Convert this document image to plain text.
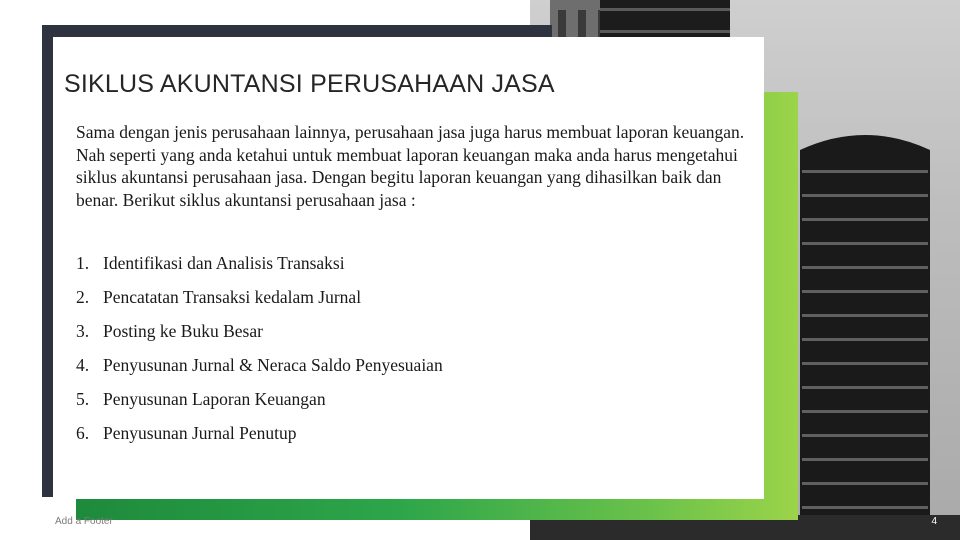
SIKLUS AKUNTANSI PERUSAHAAN JASA

Sama dengan jenis perusahaan lainnya, perusahaan jasa juga harus membuat laporan keuangan. Nah seperti yang anda ketahui untuk membuat laporan keuangan maka anda harus mengetahui siklus akuntansi perusahaan jasa. Dengan begitu laporan keuangan yang dihasilkan baik dan benar. Berikut siklus akuntansi perusahaan jasa :

1. Identifikasi dan Analisis Transaksi
2. Pencatatan Transaksi kedalam Jurnal
3. Posting ke Buku Besar
4. Penyusunan Jurnal & Neraca Saldo Penyesuaian
5. Penyusunan Laporan Keuangan
6. Penyusunan Jurnal Penutup
Add a Footer	4
